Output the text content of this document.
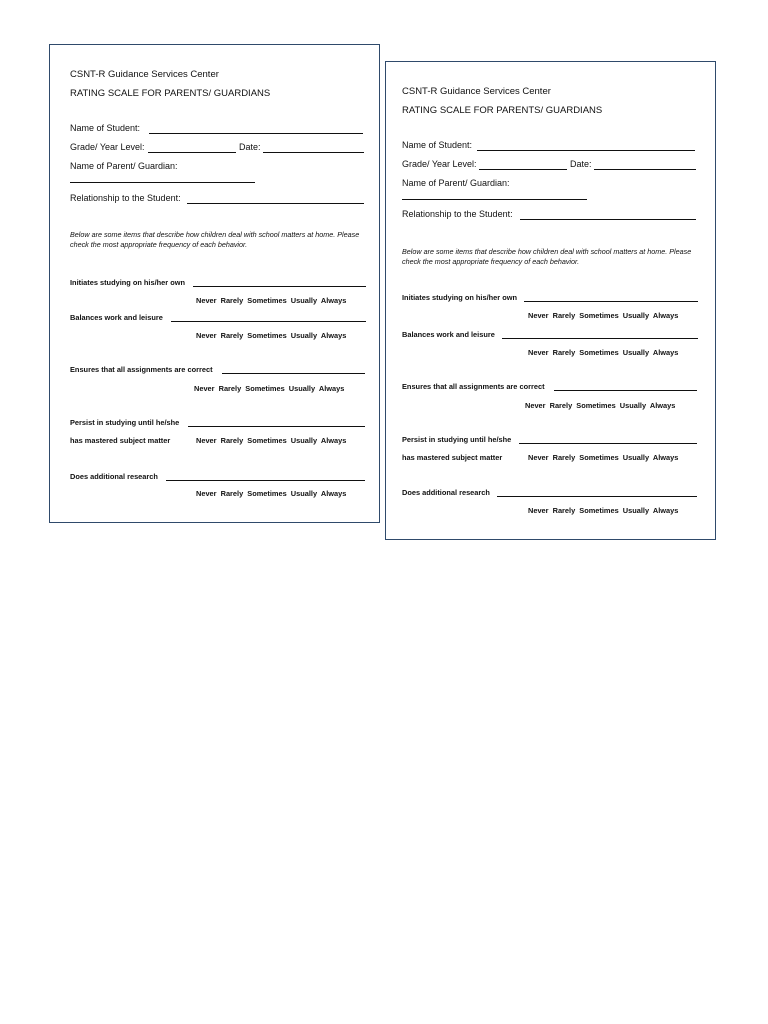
CSNT-R Guidance Services Center
RATING SCALE FOR PARENTS/ GUARDIANS
Name of Student:
Grade/ Year Level:	Date:
Name of Parent/ Guardian:
Relationship to the Student:
Below are some items that describe how children deal with school matters at home. Please check the most appropriate frequency of each behavior.
Initiates studying on his/her own
Never Rarely Sometimes Usually Always
Balances work and leisure
Never Rarely Sometimes Usually Always
Ensures that all assignments are correct
Never Rarely Sometimes Usually Always
Persist in studying until he/she
has mastered subject matter	Never Rarely Sometimes Usually Always
Does additional research
Never Rarely Sometimes Usually Always
CSNT-R Guidance Services Center
RATING SCALE FOR PARENTS/ GUARDIANS
Name of Student:
Grade/ Year Level:	Date:
Name of Parent/ Guardian:
Relationship to the Student:
Below are some items that describe how children deal with school matters at home. Please check the most appropriate frequency of each behavior.
Initiates studying on his/her own
Never Rarely Sometimes Usually Always
Balances work and leisure
Never Rarely Sometimes Usually Always
Ensures that all assignments are correct
Never Rarely Sometimes Usually Always
Persist in studying until he/she
has mastered subject matter	Never Rarely Sometimes Usually Always
Does additional research
Never Rarely Sometimes Usually Always
